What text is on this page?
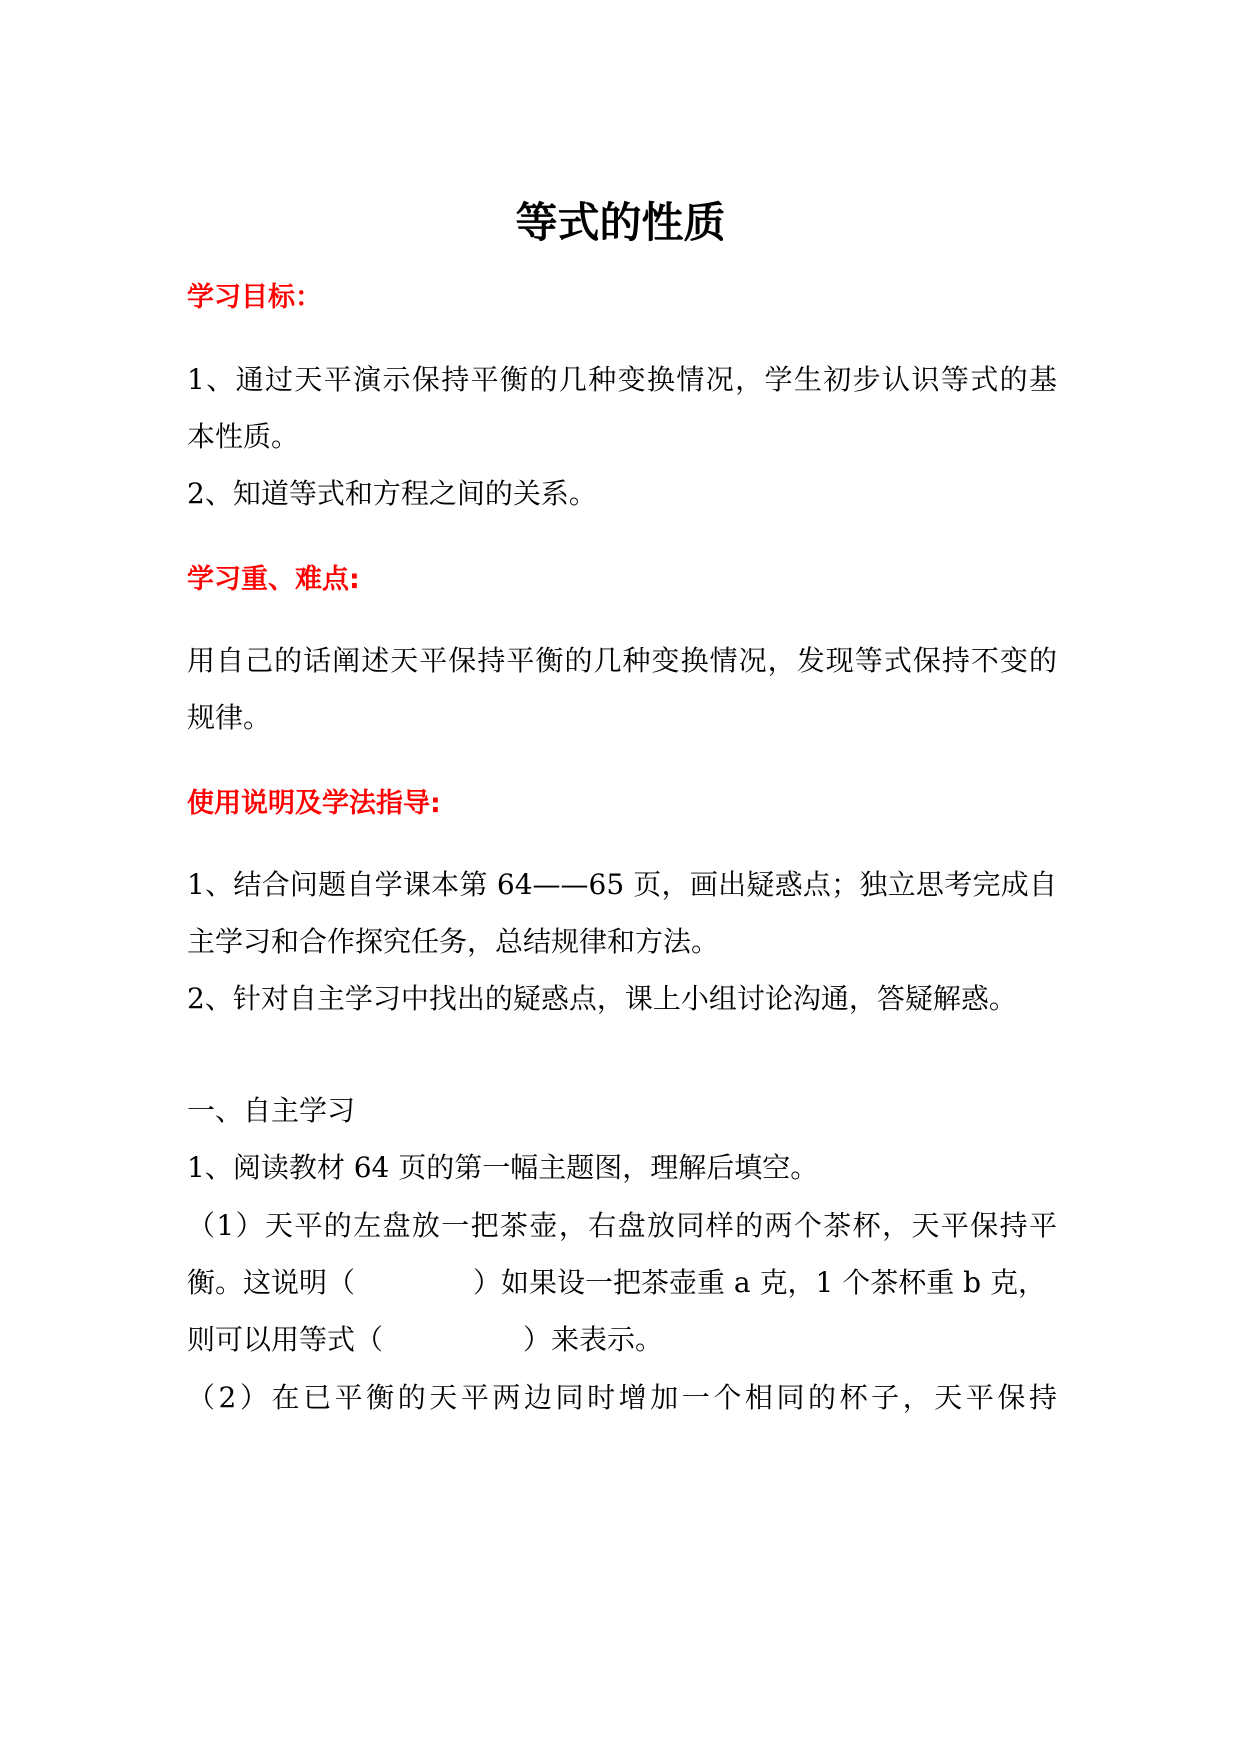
等式的性质
学习目标：
1、通过天平演示保持平衡的几种变换情况，学生初步认识等式的基
本性质。
2、知道等式和方程之间的关系。
学习重、难点:
用自己的话阐述天平保持平衡的几种变换情况，发现等式保持不变的
规律。
使用说明及学法指导:
1、结合问题自学课本第 64——65 页，画出疑惑点；独立思考完成自
主学习和合作探究任务，总结规律和方法。
2、针对自主学习中找出的疑惑点，课上小组讨论沟通，答疑解惑。
一、自主学习
1、阅读教材 64 页的第一幅主题图，理解后填空。
（1）天平的左盘放一把茶壶，右盘放同样的两个茶杯，天平保持平
衡。这说明（	）如果设一把茶壶重 a 克，1 个茶杯重 b 克，
则可以用等式（	）来表示。
（2）在已平衡的天平两边同时增加一个相同的杯子，天平保持
